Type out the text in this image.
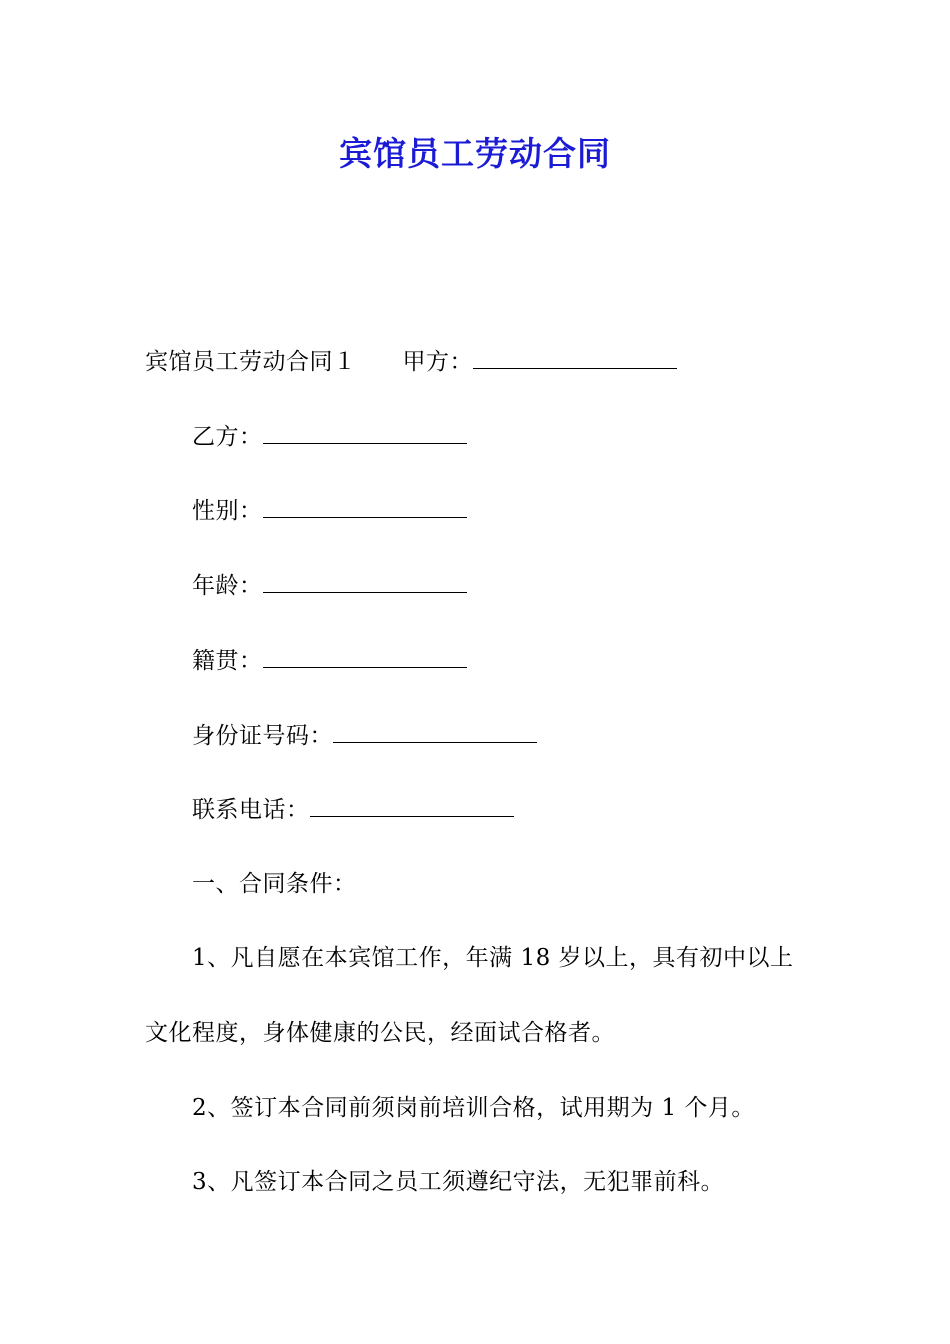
宾馆员工劳动合同
宾馆员工劳动合同１ 甲方：
乙方：
性别：
年龄：
籍贯：
身份证号码：
联系电话：
一、合同条件：
1、凡自愿在本宾馆工作，年满 18 岁以上，具有初中以上
文化程度，身体健康的公民，经面试合格者。
2、签订本合同前须岗前培训合格，试用期为 1 个月。
3、凡签订本合同之员工须遵纪守法，无犯罪前科。
